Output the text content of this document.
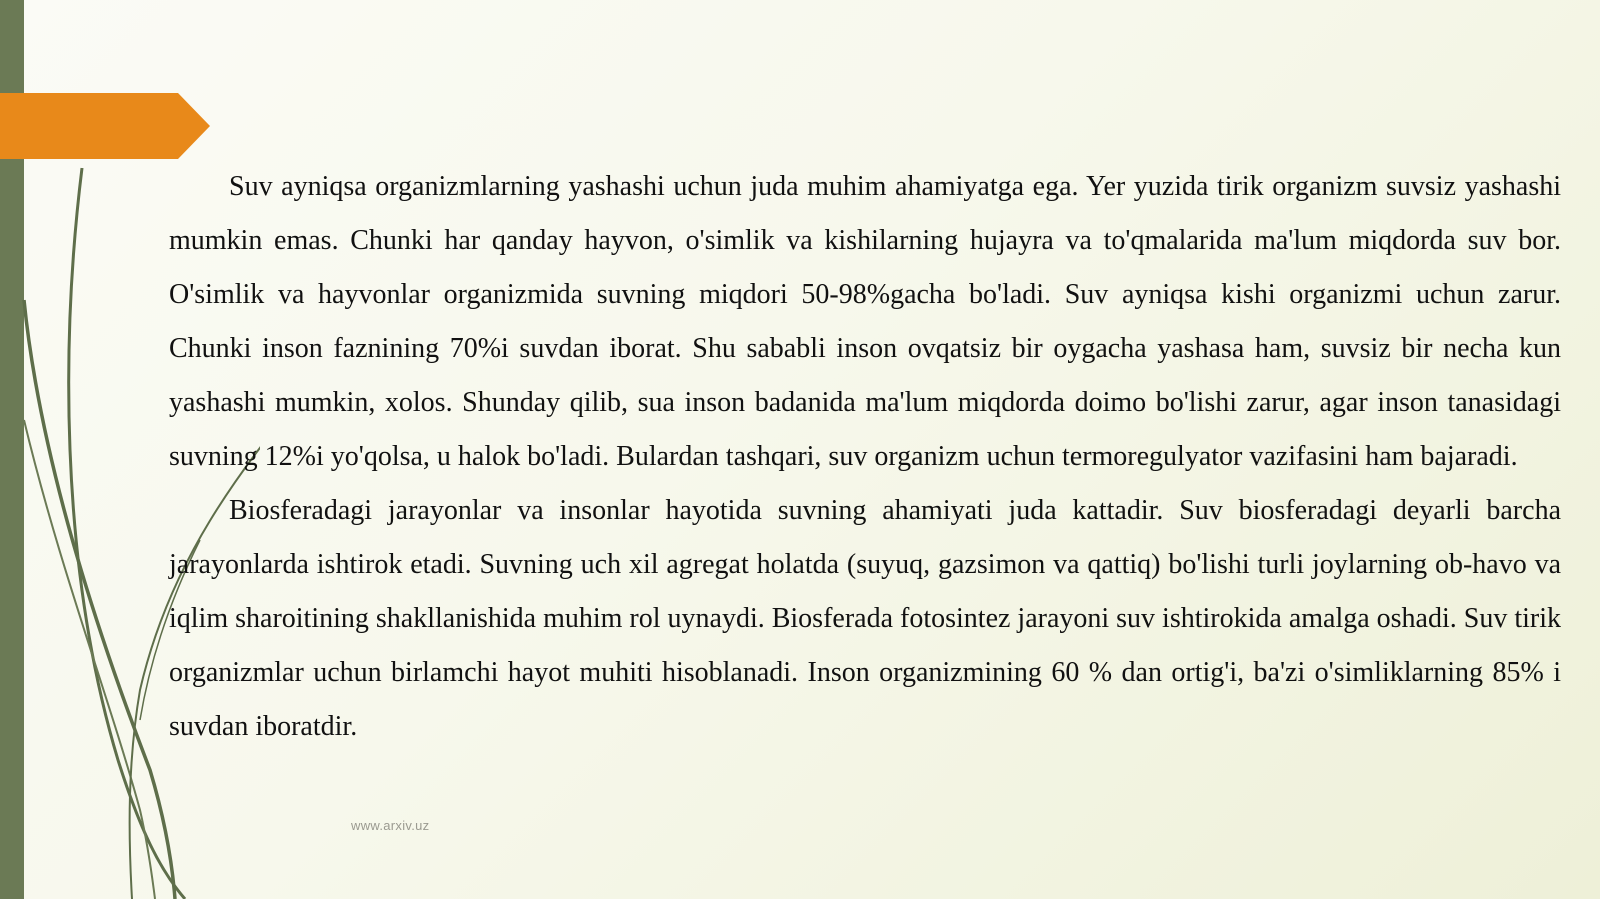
Suv ayniqsa organizmlarning yashashi uchun juda muhim ahamiyatga ega. Yer yuzida tirik organizm suvsiz yashashi mumkin emas. Chunki har qanday hayvon, o'simlik va kishilarning hujayra va to'qmalarida ma'lum miqdorda suv bor. O'simlik va hayvonlar organizmida suvning miqdori 50-98%gacha bo'ladi. Suv ayniqsa kishi organizmi uchun zarur. Chunki inson faznining 70%i suvdan iborat. Shu sababli inson ovqatsiz bir oygacha yashasa ham, suvsiz bir necha kun yashashi mumkin, xolos. Shunday qilib, sua inson badanida ma'lum miqdorda doimo bo'lishi zarur, agar inson tanasidagi suvning 12%i yo'qolsa, u halok bo'ladi. Bulardan tashqari, suv organizm uchun termoregulyator vazifasini ham bajaradi.

Biosferadagi jarayonlar va insonlar hayotida suvning ahamiyati juda kattadir. Suv biosferadagi deyarli barcha jarayonlarda ishtirok etadi. Suvning uch xil agregat holatda (suyuq, gazsimon va qattiq) bo'lishi turli joylarning ob-havo va iqlim sharoitining shakllanishida muhim rol uynaydi. Biosferada fotosintez jarayoni suv ishtirokida amalga oshadi. Suv tirik organizmlar uchun birlamchi hayot muhiti hisoblanadi. Inson organizmining 60 % dan ortig'i, ba'zi o'simliklarning 85% i suvdan iboratdir.

www.arxiv.uz
